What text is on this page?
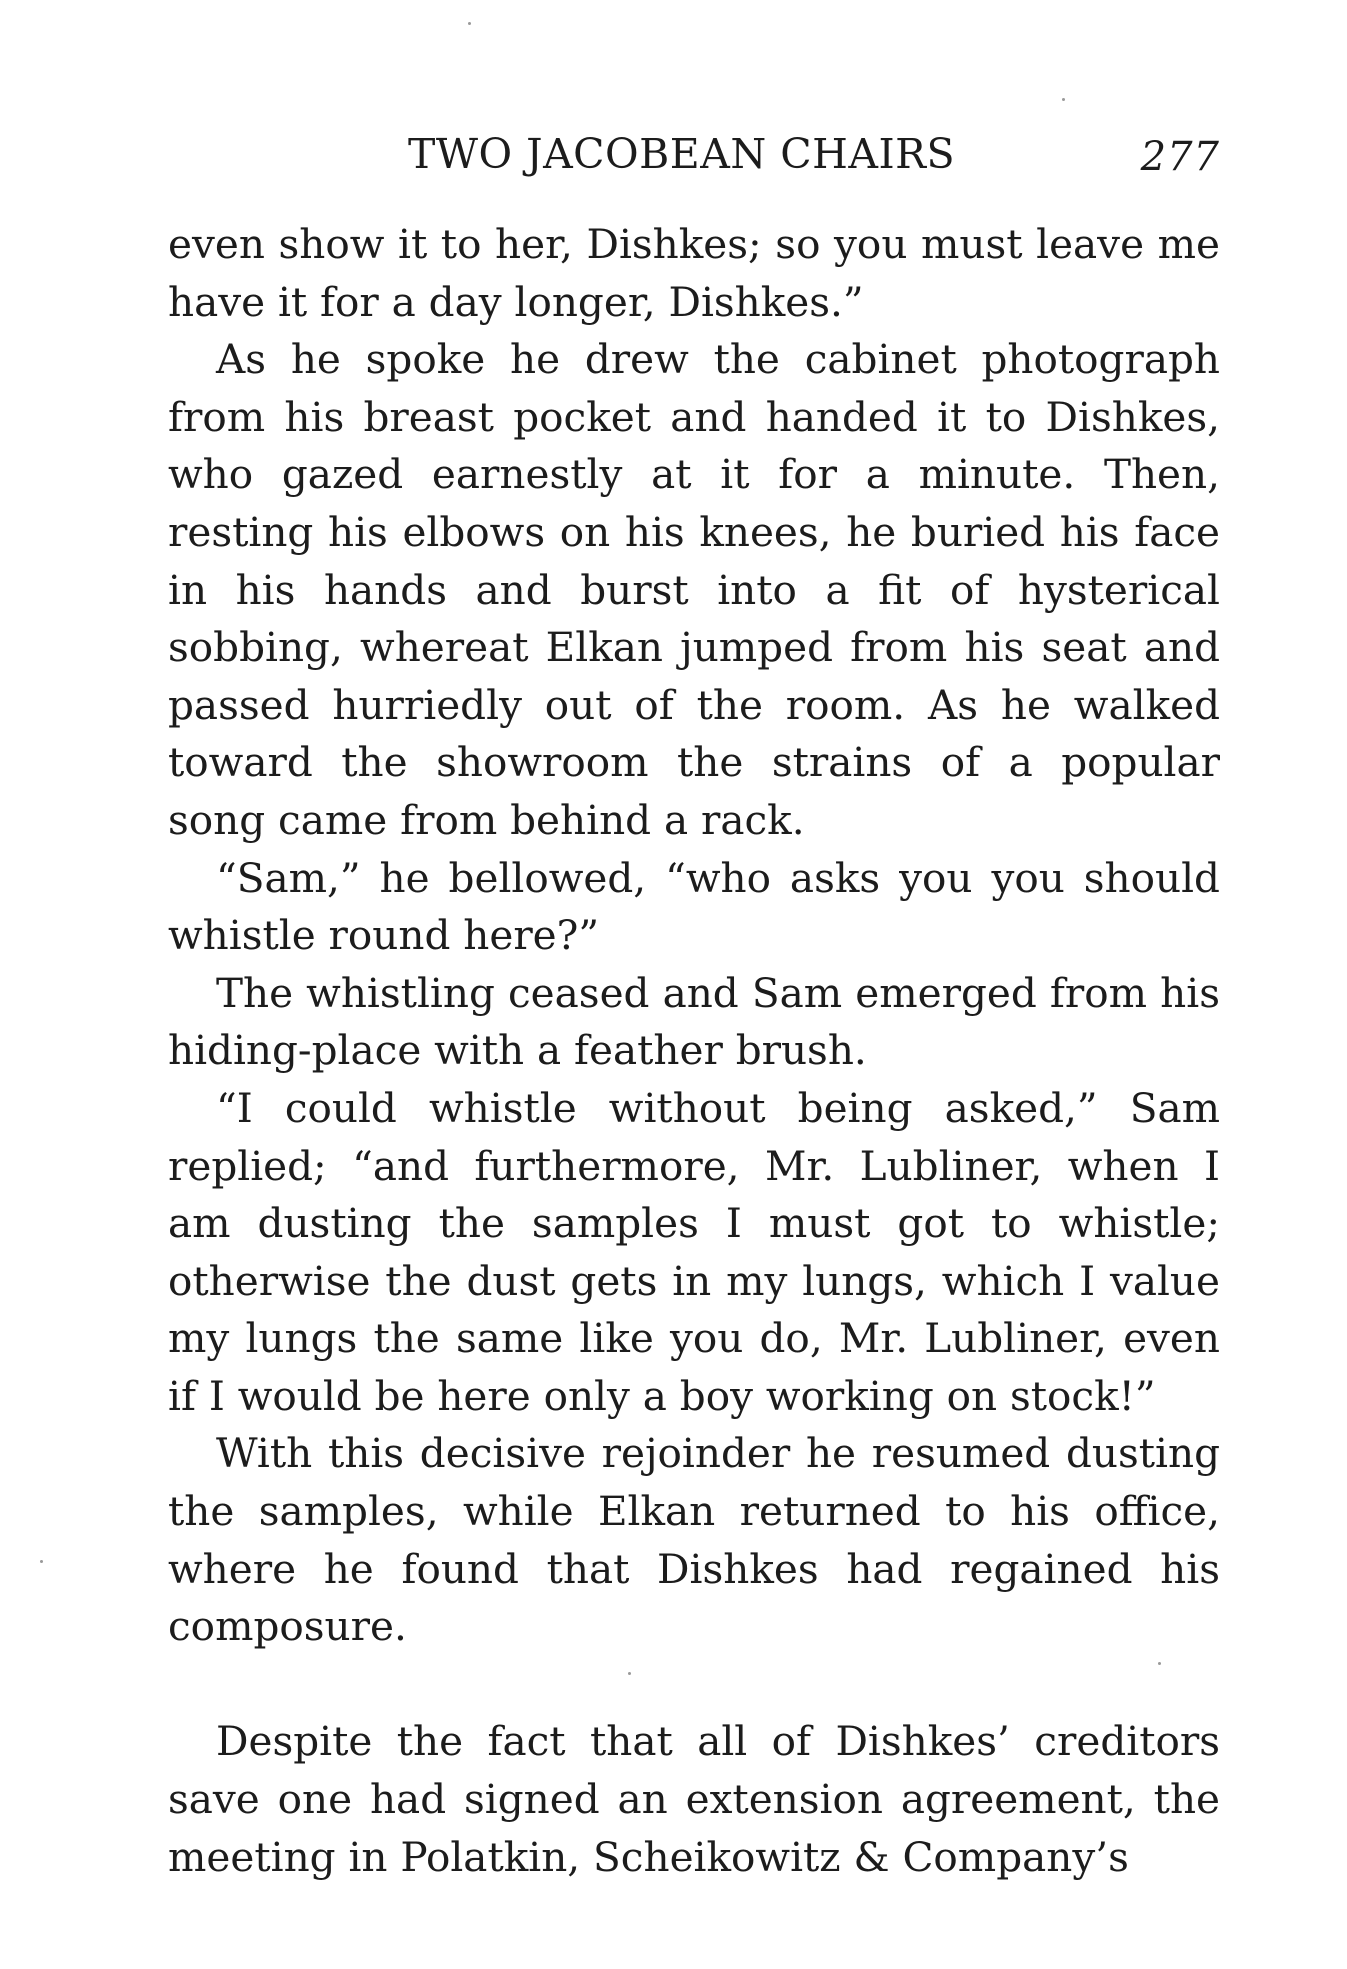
TWO JACOBEAN CHAIRS	277

even show it to her, Dishkes; so you must leave me have it for a day longer, Dishkes.”

As he spoke he drew the cabinet photograph from his breast pocket and handed it to Dishkes, who gazed earnestly at it for a minute. Then, resting his elbows on his knees, he buried his face in his hands and burst into a fit of hysterical sobbing, whereat Elkan jumped from his seat and passed hurriedly out of the room. As he walked toward the showroom the strains of a popular song came from behind a rack.

“Sam,” he bellowed, “who asks you you should whistle round here?”

The whistling ceased and Sam emerged from his hiding-place with a feather brush.

“I could whistle without being asked,” Sam replied; “and furthermore, Mr. Lubliner, when I am dusting the samples I must got to whistle; otherwise the dust gets in my lungs, which I value my lungs the same like you do, Mr. Lubliner, even if I would be here only a boy working on stock!”

With this decisive rejoinder he resumed dusting the samples, while Elkan returned to his office, where he found that Dishkes had regained his composure.

Despite the fact that all of Dishkes’ creditors save one had signed an extension agreement, the meeting in Polatkin, Scheikowitz & Company’s
